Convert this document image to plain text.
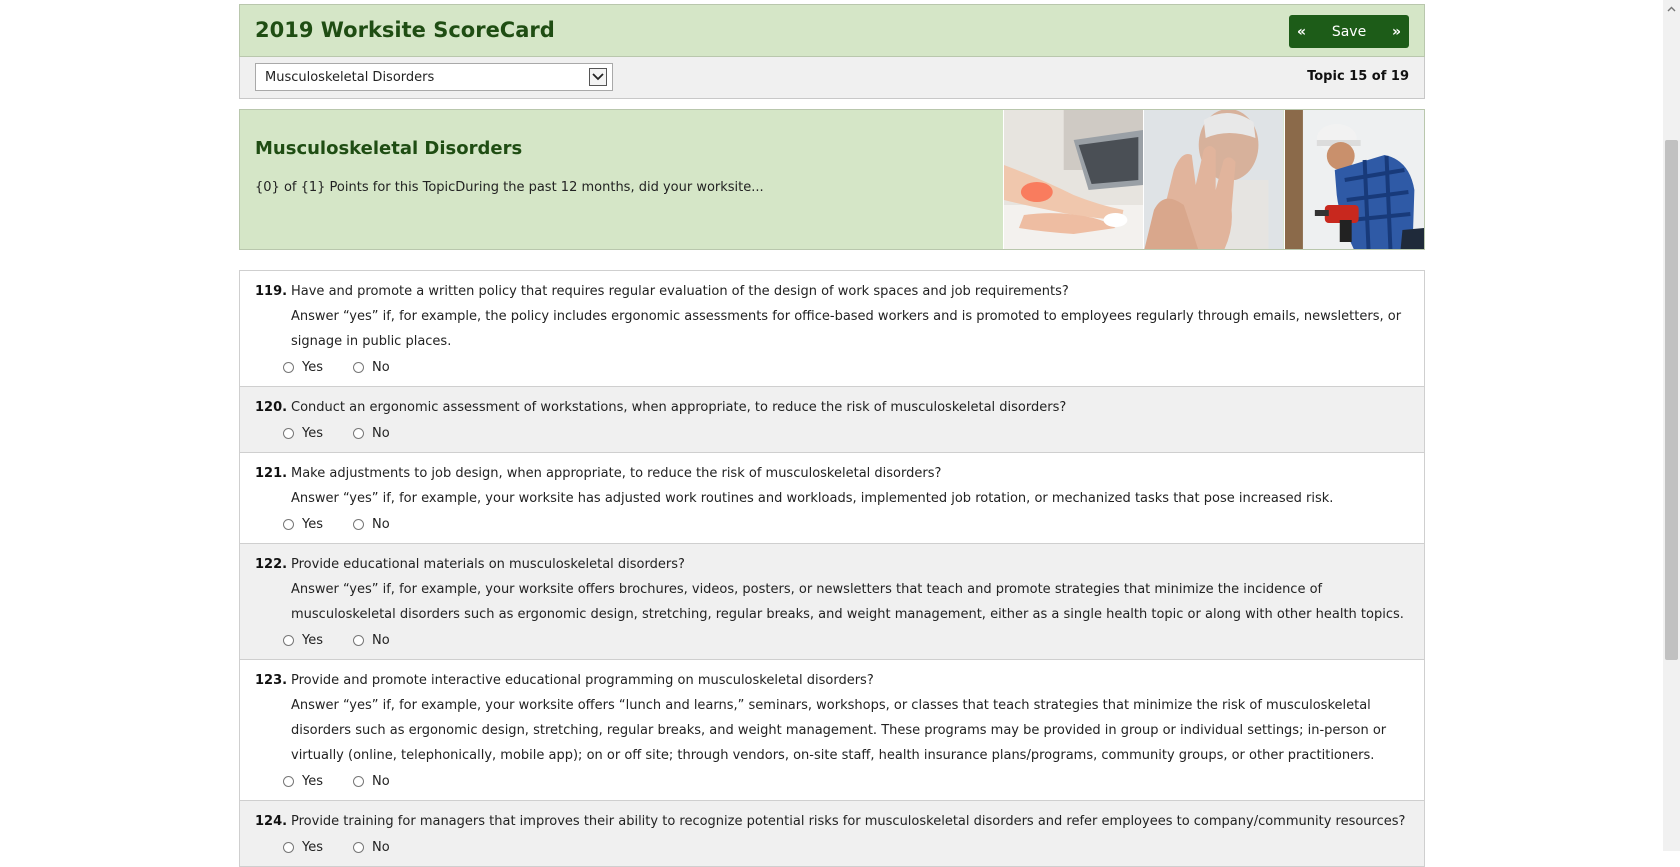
2019 Worksite ScoreCard	« Save »
Musculoskeletal Disorders	Topic 15 of 19
Musculoskeletal Disorders
{0} of {1} Points for this TopicDuring the past 12 months, did your worksite...
119. Have and promote a written policy that requires regular evaluation of the design of work spaces and job requirements?
Answer “yes” if, for example, the policy includes ergonomic assessments for office-based workers and is promoted to employees regularly through emails, newsletters, or signage in public places.
Yes	No
120. Conduct an ergonomic assessment of workstations, when appropriate, to reduce the risk of musculoskeletal disorders?
Yes	No
121. Make adjustments to job design, when appropriate, to reduce the risk of musculoskeletal disorders?
Answer “yes” if, for example, your worksite has adjusted work routines and workloads, implemented job rotation, or mechanized tasks that pose increased risk.
Yes	No
122. Provide educational materials on musculoskeletal disorders?
Answer “yes” if, for example, your worksite offers brochures, videos, posters, or newsletters that teach and promote strategies that minimize the incidence of musculoskeletal disorders such as ergonomic design, stretching, regular breaks, and weight management, either as a single health topic or along with other health topics.
Yes	No
123. Provide and promote interactive educational programming on musculoskeletal disorders?
Answer “yes” if, for example, your worksite offers “lunch and learns,” seminars, workshops, or classes that teach strategies that minimize the risk of musculoskeletal disorders such as ergonomic design, stretching, regular breaks, and weight management. These programs may be provided in group or individual settings; in-person or virtually (online, telephonically, mobile app); on or off site; through vendors, on-site staff, health insurance plans/programs, community groups, or other practitioners.
Yes	No
124. Provide training for managers that improves their ability to recognize potential risks for musculoskeletal disorders and refer employees to company/community resources?
Yes	No
